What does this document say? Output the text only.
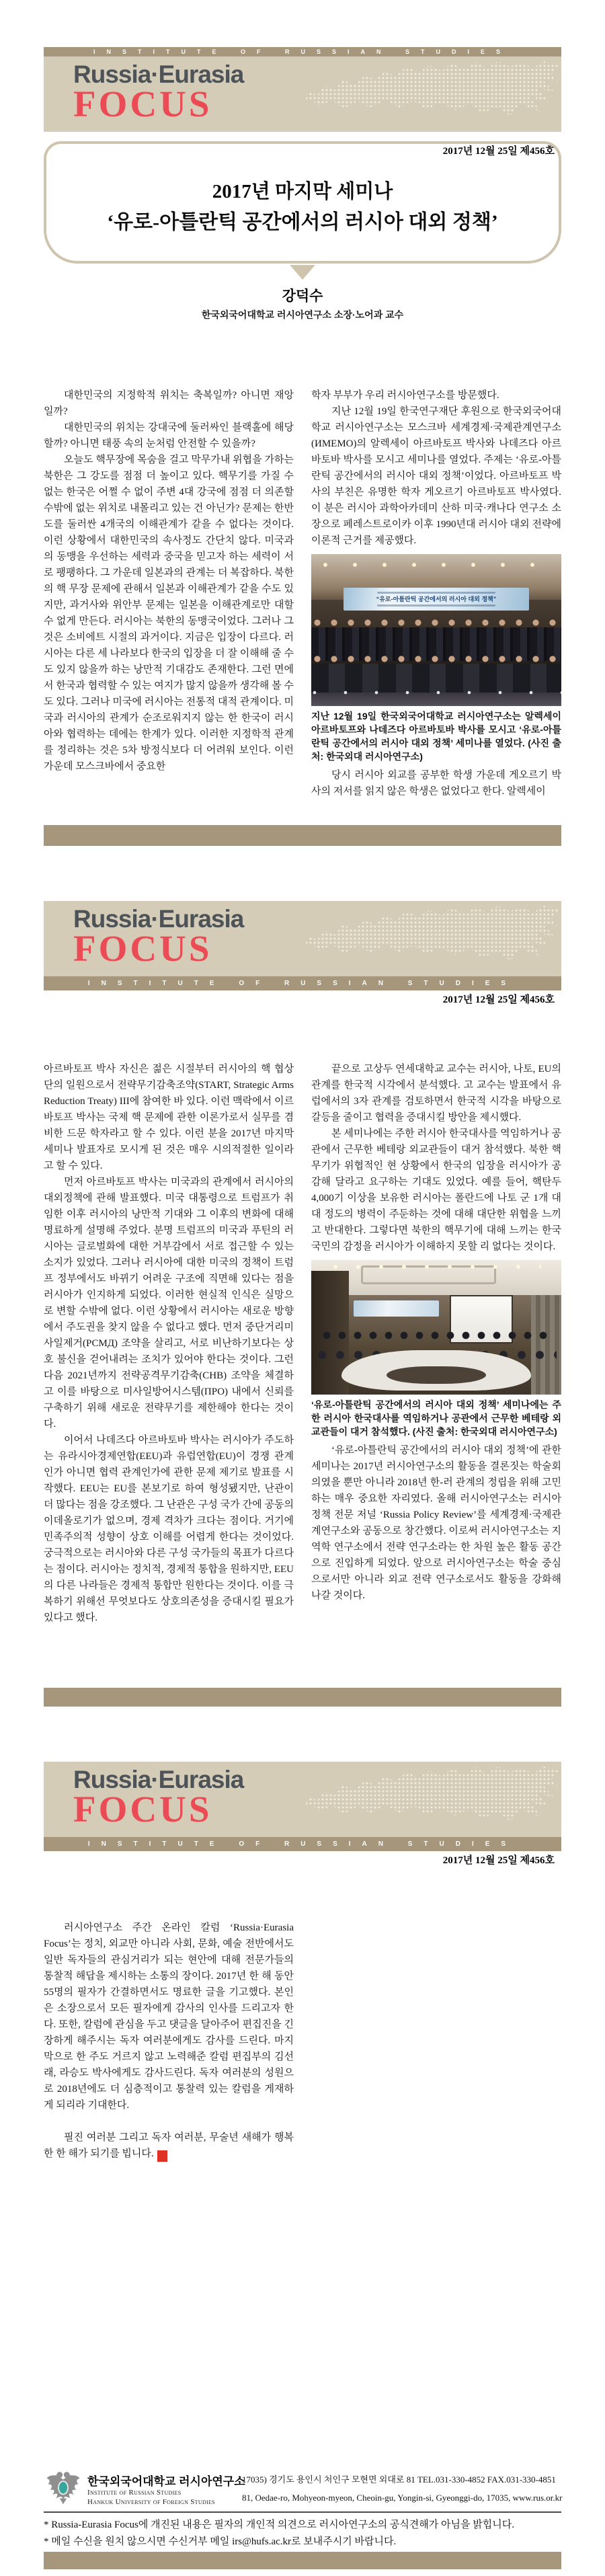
INSTITUTE OF RUSSIAN STUDIES
Russia·Eurasia
FOCUS
2017년 마지막 세미나
‘유로-아틀란틱 공간에서의 러시아 대외 정책’
2017년 12월 25일 제456호
강덕수
한국외국어대학교 러시아연구소 소장·노어과 교수

대한민국의 지정학적 위치는 축복일까? 아니면 재앙일까?

대한민국의 위치는 강대국에 둘러싸인 블랙홀에 해당할까? 아니면 태풍 속의 눈처럼 안전할 수 있을까?

오늘도 핵무장에 목숨을 걸고 막무가내 위협을 가하는 북한은 그 강도를 점점 더 높이고 있다. 핵무기를 가질 수 없는 한국은 어쩔 수 없이 주변 4대 강국에 점점 더 의존할 수밖에 없는 위치로 내몰리고 있는 건 아닌가? 문제는 한반도를 둘러싼 4개국의 이해관계가 같을 수 없다는 것이다. 이런 상황에서 대한민국의 속사정도 간단치 않다. 미국과의 동맹을 우선하는 세력과 중국을 믿고자 하는 세력이 서로 팽팽하다. 그 가운데 일본과의 관계는 더 복잡하다. 북한의 핵 무장 문제에 관해서 일본과 이해관계가 같을 수도 있지만, 과거사와 위안부 문제는 일본을 이해관계로만 대할 수 없게 만든다. 러시아는 북한의 동맹국이었다. 그러나 그것은 소비에트 시절의 과거이다. 지금은 입장이 다르다. 러시아는 다른 세 나라보다 한국의 입장을 더 잘 이해해 줄 수도 있지 않을까 하는 낭만적 기대감도 존재한다. 그런 면에서 한국과 협력할 수 있는 여지가 많지 않을까 생각해 볼 수도 있다. 그러나 미국에 러시아는 전통적 대적 관계이다. 미국과 러시아의 관계가 순조로워지지 않는 한 한국이 러시아와 협력하는 데에는 한계가 있다. 이러한 지정학적 관계를 정리하는 것은 5차 방정식보다 더 어려워 보인다. 이런 가운데 모스크바에서 중요한

학자 부부가 우리 러시아연구소를 방문했다.

지난 12월 19일 한국연구재단 후원으로 한국외국어대학교 러시아연구소는 모스크바 세계경제·국제관계연구소(ИМЕМО)의 알렉세이 아르바토프 박사와 나데즈다 아르바토바 박사를 모시고 세미나를 열었다. 주제는 ‘유로-아틀란틱 공간에서의 러시아 대외 정책’이었다. 아르바토프 박사의 부친은 유명한 학자 게오르기 아르바토프 박사였다. 이 분은 러시아 과학아카데미 산하 미국·캐나다 연구소 소장으로 페레스트로이카 이후 1990년대 러시아 대외 전략에 이론적 근거를 제공했다.

“유로-아틀란틱 공간에서의 러시아 대외 정책”

지난 12월 19일 한국외국어대학교 러시아연구소는 알렉세이 아르바토프와 나데즈다 아르바토바 박사를 모시고 ‘유로-아틀란틱 공간에서의 러시아 대외 정책’ 세미나를 열었다. (사진 출처: 한국외대 러시아연구소)

당시 러시아 외교를 공부한 학생 가운데 게오르기 박사의 저서를 읽지 않은 학생은 없었다고 한다. 알렉세이

Russia·Eurasia
FOCUS
INSTITUTE OF RUSSIAN STUDIES
2017년 12월 25일 제456호

아르바토프 박사 자신은 젊은 시절부터 러시아의 핵 협상단의 일원으로서 전략무기감축조약(START, Strategic Arms Reduction Treaty) III에 참여한 바 있다. 이런 맥락에서 이르바토프 박사는 국제 핵 문제에 관한 이론가로서 실무를 겸비한 드문 학자라고 할 수 있다. 이런 분을 2017년 마지막 세미나 발표자로 모시게 된 것은 매우 시의적절한 일이라고 할 수 있다.

먼저 아르바토프 박사는 미국과의 관계에서 러시아의 대외정책에 관해 발표했다. 미국 대통령으로 트럼프가 취임한 이후 러시아의 낭만적 기대와 그 이후의 변화에 대해 명료하게 설명해 주었다. 분명 트럼프의 미국과 푸틴의 러시아는 글로벌화에 대한 거부감에서 서로 접근할 수 있는 소지가 있었다. 그러나 러시아에 대한 미국의 정책이 트럼프 정부에서도 바뀌기 어려운 구조에 직면해 있다는 점을 러시아가 인지하게 되었다. 이러한 현실적 인식은 실망으로 변할 수밖에 없다. 이런 상황에서 러시아는 새로운 방향에서 주도권을 찾지 않을 수 없다고 했다. 먼저 중단거리미사일제거(РСМД) 조약을 살리고, 서로 비난하기보다는 상호 불신을 걷어내려는 조치가 있어야 한다는 것이다. 그런 다음 2021년까지 전략공격무기감축(СНВ) 조약을 체결하고 이를 바탕으로 미사일방어시스템(ПРО) 내에서 신뢰를 구축하기 위해 새로운 전략무기를 제한해야 한다는 것이다.

이어서 나데즈다 아르바토바 박사는 러시아가 주도하는 유라시아경제연합(EEU)과 유럽연합(EU)이 경쟁 관계인가 아니면 협력 관계인가에 관한 문제 제기로 발표를 시작했다. EEU는 EU를 본보기로 하여 형성됐지만, 난관이 더 많다는 점을 강조했다. 그 난관은 구성 국가 간에 공동의 이데올로기가 없으며, 경제 격차가 크다는 점이다. 거기에 민족주의적 성향이 상호 이해를 어렵게 한다는 것이었다. 궁극적으로는 러시아와 다른 구성 국가들의 목표가 다르다는 점이다. 러시아는 정치적, 경제적 통합을 원하지만, EEU의 다른 나라들은 경제적 통합만 원한다는 것이다. 이를 극복하기 위해선 무엇보다도 상호의존성을 증대시킬 필요가 있다고 했다.

끝으로 고상두 연세대학교 교수는 러시아, 나토, EU의 관계를 한국적 시각에서 분석했다. 고 교수는 발표에서 유럽에서의 3자 관계를 검토하면서 한국적 시각을 바탕으로 갈등을 줄이고 협력을 증대시킬 방안을 제시했다.

본 세미나에는 주한 러시아 한국대사를 역임하거나 공관에서 근무한 베테랑 외교관들이 대거 참석했다. 북한 핵무기가 위협적인 현 상황에서 한국의 입장을 러시아가 공감해 달라고 요구하는 기대도 있었다. 예를 들어, 핵탄두 4,000기 이상을 보유한 러시아는 폴란드에 나토 군 1개 대대 정도의 병력이 주둔하는 것에 대해 대단한 위협을 느끼고 반대한다. 그렇다면 북한의 핵무기에 대해 느끼는 한국 국민의 감정을 러시아가 이해하지 못할 리 없다는 것이다.

‘유로-아틀란틱 공간에서의 러시아 대외 정책’ 세미나에는 주한 러시아 한국대사를 역임하거나 공관에서 근무한 베테랑 외교관들이 대거 참석했다. (사진 출처: 한국외대 러시아연구소)

‘유로-아틀란틱 공간에서의 러시아 대외 정책’에 관한 세미나는 2017년 러시아연구소의 활동을 결론짓는 학술회의였을 뿐만 아니라 2018년 한-러 관계의 정립을 위해 고민하는 매우 중요한 자리였다. 올해 러시아연구소는 러시아 정책 전문 저널 ‘Russia Policy Review’를 세계경제·국제관계연구소와 공동으로 창간했다. 이로써 러시아연구소는 지역학 연구소에서 전략 연구소라는 한 차원 높은 활동 공간으로 진입하게 되었다. 앞으로 러시아연구소는 학술 중심으로서만 아니라 외교 전략 연구소로서도 활동을 강화해 나갈 것이다.

Russia·Eurasia
FOCUS
INSTITUTE OF RUSSIAN STUDIES
2017년 12월 25일 제456호

러시아연구소 주간 온라인 칼럼 ‘Russia·Eurasia Focus’는 정치, 외교만 아니라 사회, 문화, 예술 전반에서도 일반 독자들의 관심거리가 되는 현안에 대해 전문가들의 통찰적 해답을 제시하는 소통의 장이다. 2017년 한 해 동안 55명의 필자가 간결하면서도 명료한 글을 기고했다. 본인은 소장으로서 모든 필자에게 감사의 인사를 드리고자 한다. 또한, 칼럼에 관심을 두고 댓글을 달아주어 편집진을 긴장하게 해주시는 독자 여러분에게도 감사를 드린다. 마지막으로 한 주도 거르지 않고 노력해준 칼럼 편집부의 김선래, 라승도 박사에게도 감사드린다. 독자 여러분의 성원으로 2018년에도 더 심층적이고 통찰력 있는 칼럼을 게재하게 되리라 기대한다.

필진 여러분 그리고 독자 여러분, 무술년 새해가 행복한 한 해가 되기를 빕니다. RS

한국외국어대학교 러시아연구소
Institute of Russian Studies
Hankuk University of Foreign Studies
17035) 경기도 용인시 처인구 모현면 외대로 81 TEL.031-330-4852 FAX.031-330-4851
81, Oedae-ro, Mohyeon-myeon, Cheoin-gu, Yongin-si, Gyeonggi-do, 17035, www.rus.or.kr
* Russia-Eurasia Focus에 개진된 내용은 필자의 개인적 의견으로 러시아연구소의 공식견해가 아님을 밝힙니다.
* 메일 수신을 원치 않으시면 수신거부 메일 irs@hufs.ac.kr로 보내주시기 바랍니다.
